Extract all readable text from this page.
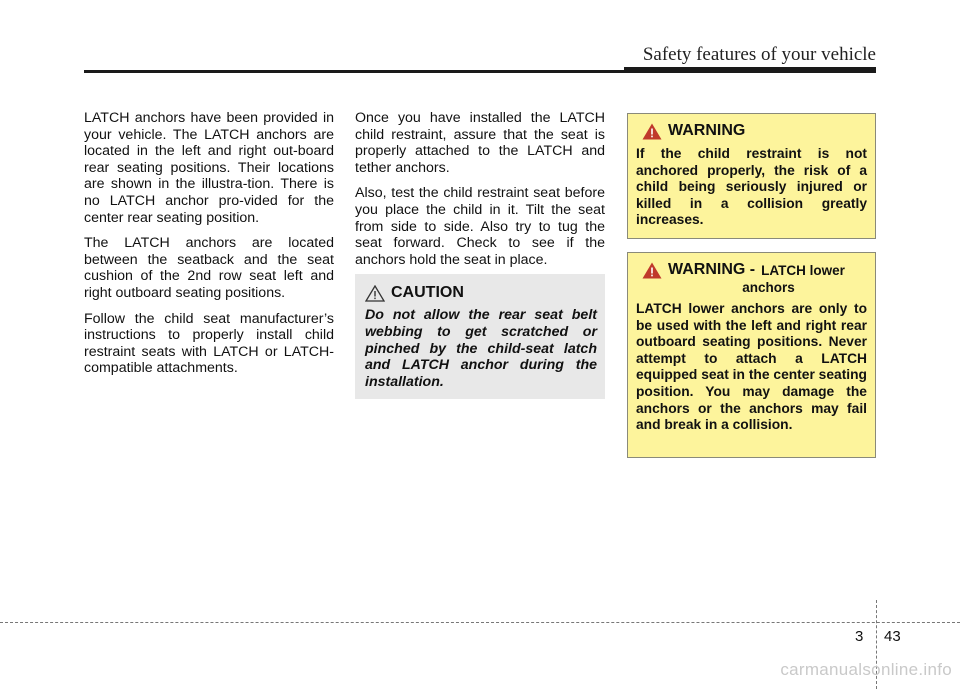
Safety features of your vehicle

LATCH anchors have been provided in your vehicle. The LATCH anchors are located in the left and right out-board rear seating positions. Their locations are shown in the illustra-tion. There is no LATCH anchor pro-vided for the center rear seating position.

The LATCH anchors are located between the seatback and the seat cushion of the 2nd row seat left and right outboard seating positions.

Follow the child seat manufacturer’s instructions to properly install child restraint seats with LATCH or LATCH-compatible attachments.

Once you have installed the LATCH child restraint, assure that the seat is properly attached to the LATCH and tether anchors.

Also, test the child restraint seat before you place the child in it. Tilt the seat from side to side. Also try to tug the seat forward. Check to see if the anchors hold the seat in place.

CAUTION
Do not allow the rear seat belt webbing to get scratched or pinched by the child-seat latch and LATCH anchor during the installation.
WARNING
If the child restraint is not anchored properly, the risk of a child being seriously injured or killed in a collision greatly increases.
WARNING - LATCH lower
anchors
LATCH lower anchors are only to be used with the left and right rear outboard seating positions. Never attempt to attach a LATCH equipped seat in the center seating position. You may damage the anchors or the anchors may fail and break in a collision.
3 43
carmanualsonline.info
